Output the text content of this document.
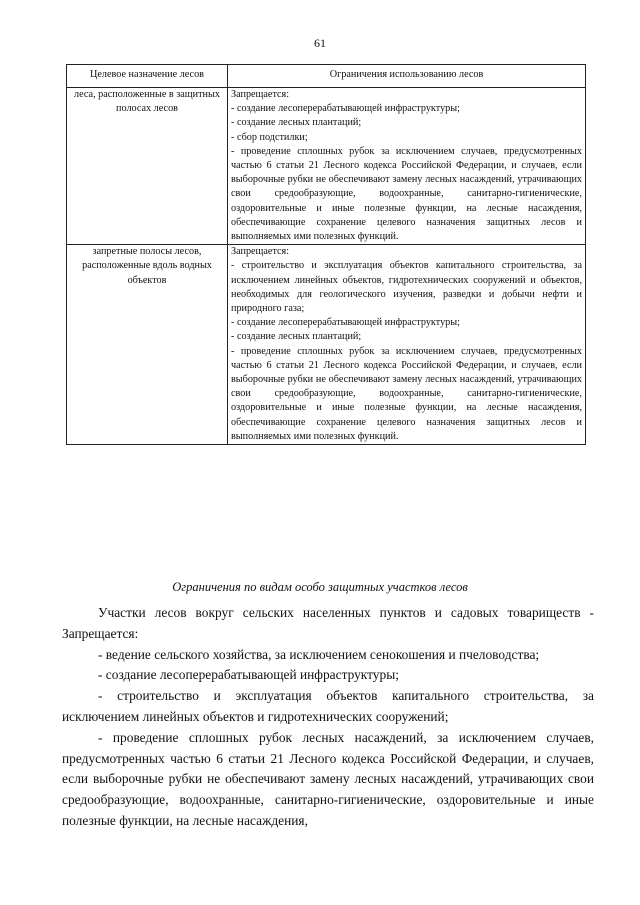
61
Целевое назначение лесов	Ограничения использованию лесов
леса, расположенные в защитных полосах лесов	Запрещается:
- создание лесоперерабатывающей инфраструктуры;
- создание лесных плантаций;
- сбор подстилки;
- проведение сплошных рубок за исключением случаев, предусмотренных частью 6 статьи 21 Лесного кодекса Российской Федерации, и случаев, если выборочные рубки не обеспечивают замену лесных насаждений, утрачивающих свои средообразующие, водоохранные, санитарно-гигиенические, оздоровительные и иные полезные функции, на лесные насаждения, обеспечивающие сохранение целевого назначения защитных лесов и выполняемых ими полезных функций.

запретные полосы лесов, расположенные вдоль водных объектов	Запрещается:
- строительство и эксплуатация объектов капитального строительства, за исключением линейных объектов, гидротехнических сооружений и объектов, необходимых для геологического изучения, разведки и добычи нефти и природного газа;
- создание лесоперерабатывающей инфраструктуры;
- создание лесных плантаций;
- проведение сплошных рубок за исключением случаев, предусмотренных частью 6 статьи 21 Лесного кодекса Российской Федерации, и случаев, если выборочные рубки не обеспечивают замену лесных насаждений, утрачивающих свои средообразующие, водоохранные, санитарно-гигиенические, оздоровительные и иные полезные функции, на лесные насаждения, обеспечивающие сохранение целевого назначения защитных лесов и выполняемых ими полезных функций.
Ограничения по видам особо защитных участков лесов

Участки лесов вокруг сельских населенных пунктов и садовых товариществ - Запрещается:

- ведение сельского хозяйства, за исключением сенокошения и пчеловодства;

- создание лесоперерабатывающей инфраструктуры;

- строительство и эксплуатация объектов капитального строительства, за исключением линейных объектов и гидротехнических сооружений;

- проведение сплошных рубок лесных насаждений, за исключением случаев, предусмотренных частью 6 статьи 21 Лесного кодекса Российской Федерации, и случаев, если выборочные рубки не обеспечивают замену лесных насаждений, утрачивающих свои средообразующие, водоохранные, санитарно-гигиенические, оздоровительные и иные полезные функции, на лесные насаждения,
